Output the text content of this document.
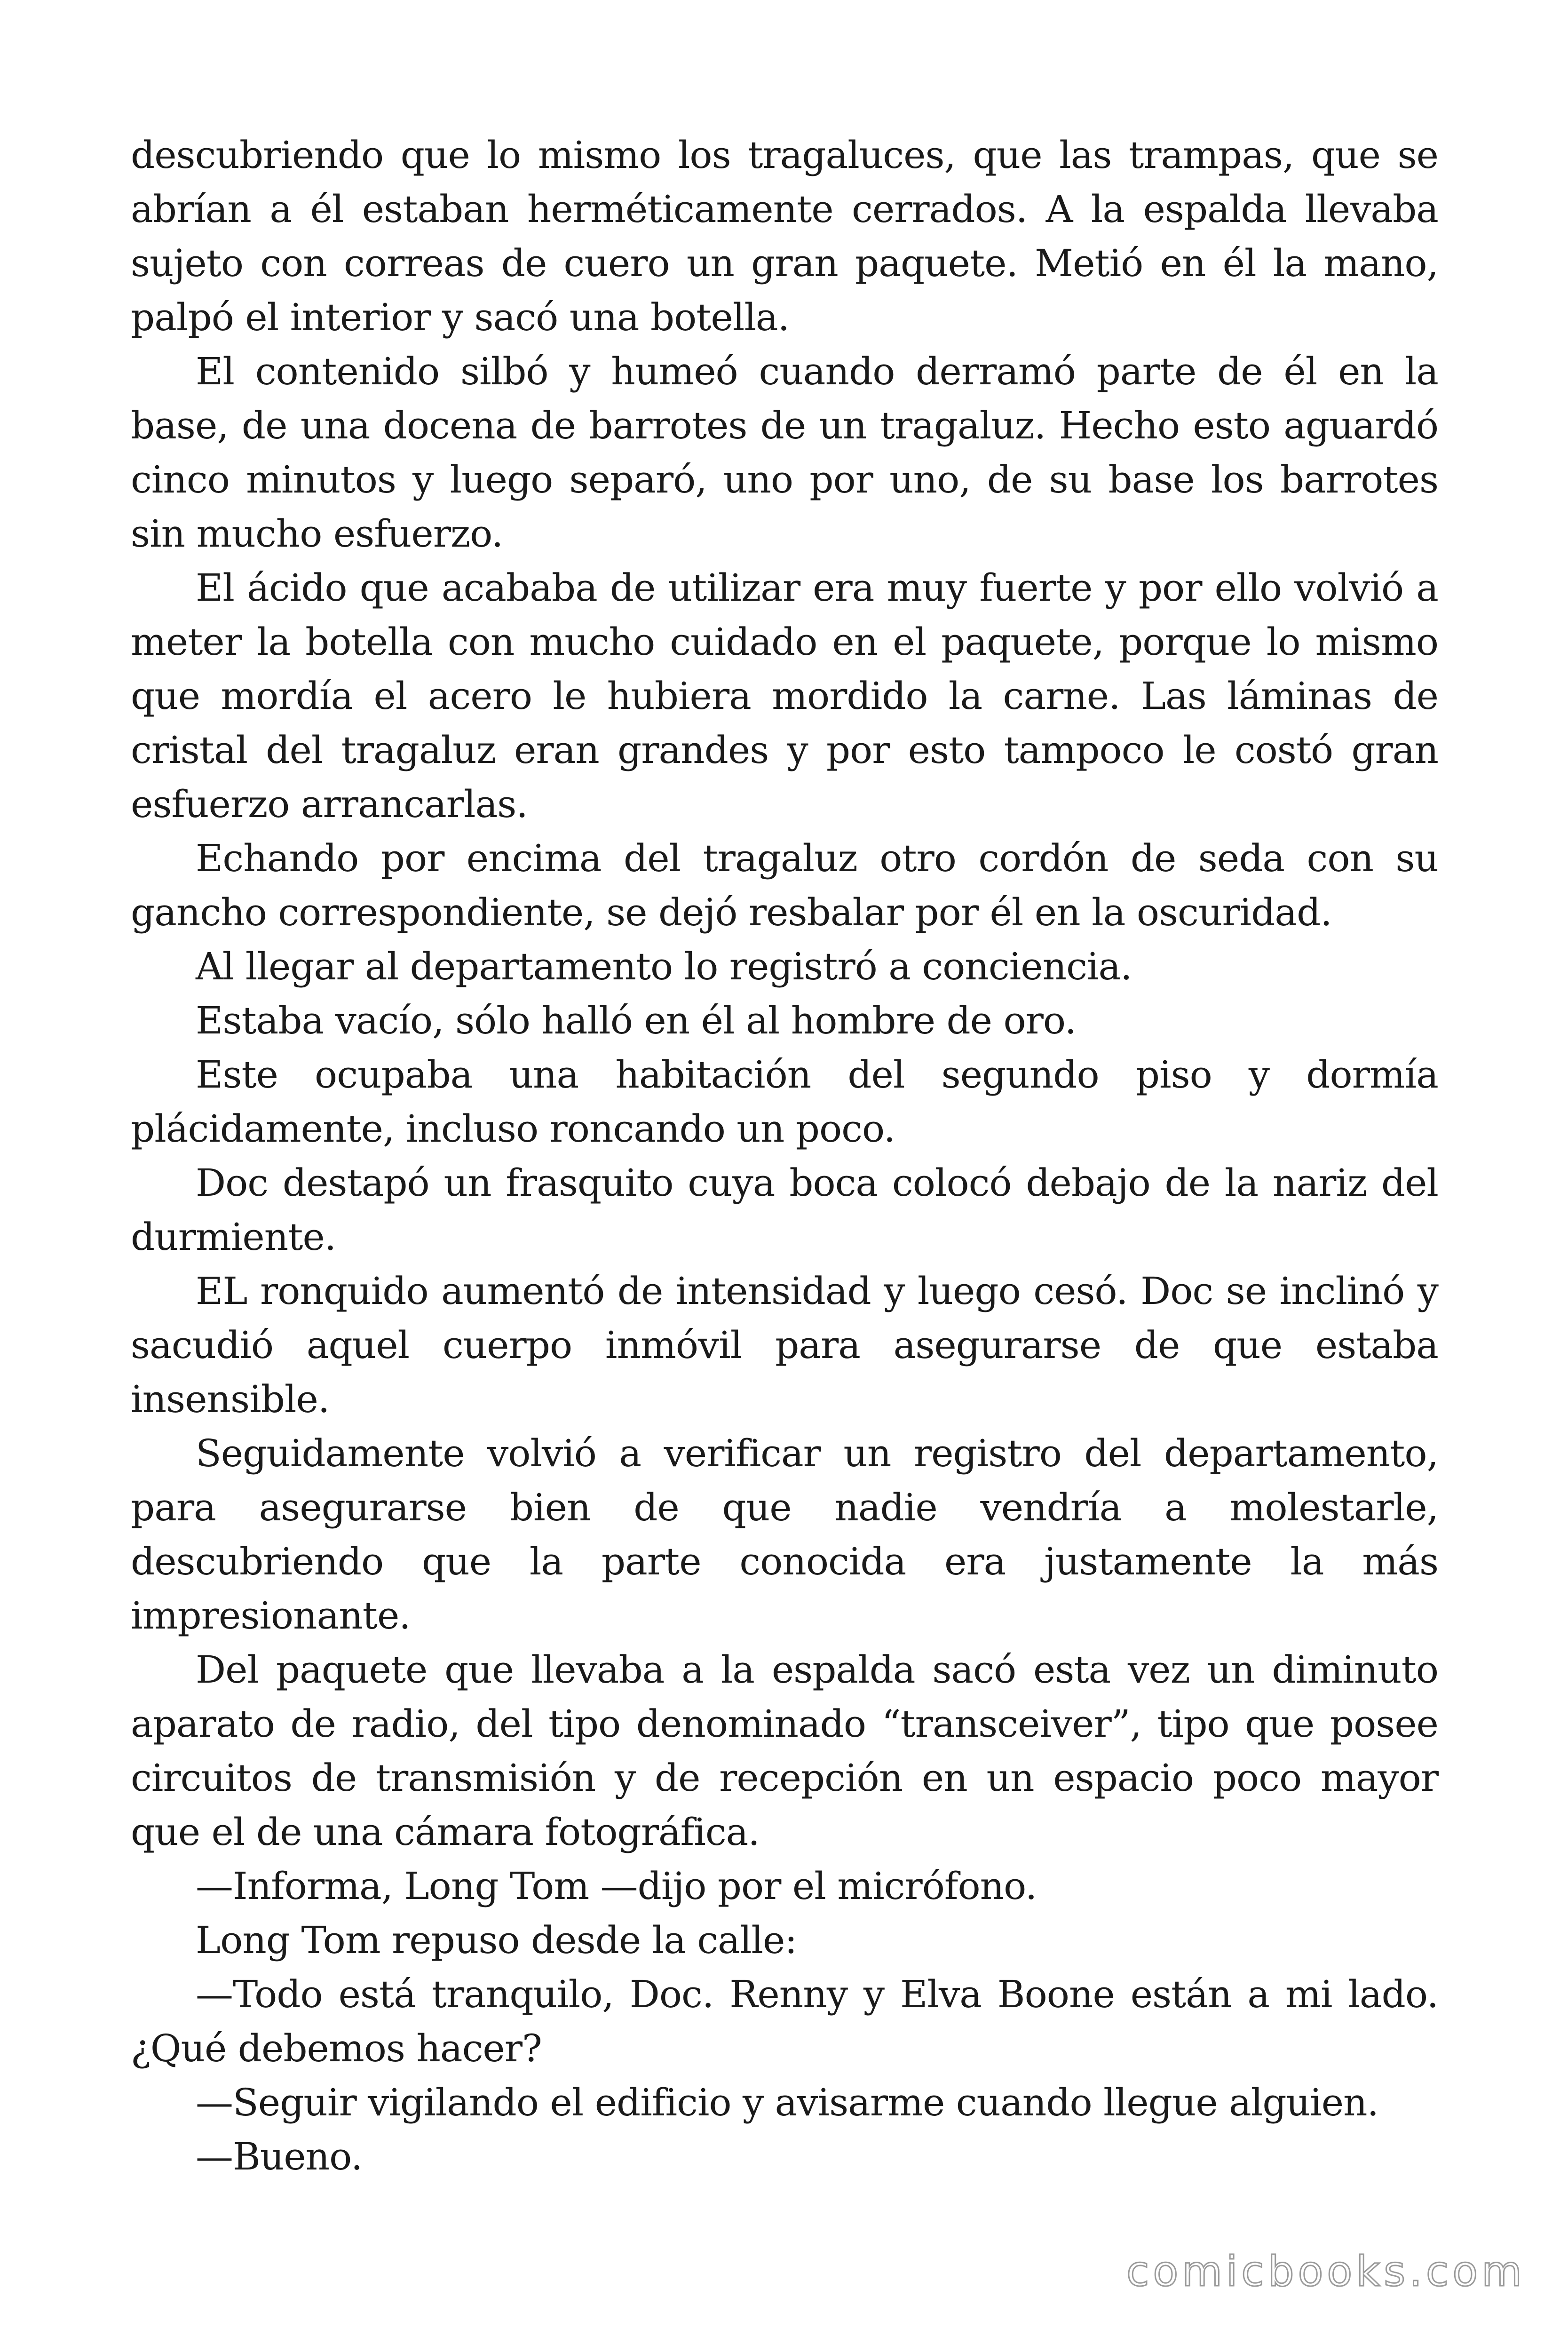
descubriendo que lo mismo los tragaluces, que las trampas, que se abrían a él estaban herméticamente cerrados. A la espalda llevaba sujeto con correas de cuero un gran paquete. Metió en él la mano, palpó el interior y sacó una botella.

El contenido silbó y humeó cuando derramó parte de él en la base, de una docena de barrotes de un tragaluz. Hecho esto aguardó cinco minutos y luego separó, uno por uno, de su base los barrotes sin mucho esfuerzo.

El ácido que acababa de utilizar era muy fuerte y por ello volvió a meter la botella con mucho cuidado en el paquete, porque lo mismo que mordía el acero le hubiera mordido la carne. Las láminas de cristal del tragaluz eran grandes y por esto tampoco le costó gran esfuerzo arrancarlas.

Echando por encima del tragaluz otro cordón de seda con su gancho correspondiente, se dejó resbalar por él en la oscuridad.

Al llegar al departamento lo registró a conciencia.

Estaba vacío, sólo halló en él al hombre de oro.

Este ocupaba una habitación del segundo piso y dormía plácidamente, incluso roncando un poco.

Doc destapó un frasquito cuya boca colocó debajo de la nariz del durmiente.

EL ronquido aumentó de intensidad y luego cesó. Doc se inclinó y sacudió aquel cuerpo inmóvil para asegurarse de que estaba insensible.

Seguidamente volvió a verificar un registro del departamento, para asegurarse bien de que nadie vendría a molestarle, descubriendo que la parte conocida era justamente la más impresionante.

Del paquete que llevaba a la espalda sacó esta vez un diminuto aparato de radio, del tipo denominado “transceiver”, tipo que posee circuitos de transmisión y de recepción en un espacio poco mayor que el de una cámara fotográfica.

—Informa, Long Tom —dijo por el micrófono.

Long Tom repuso desde la calle:

—Todo está tranquilo, Doc. Renny y Elva Boone están a mi lado. ¿Qué debemos hacer?

—Seguir vigilando el edificio y avisarme cuando llegue alguien.

—Bueno.

comicbooks.com
